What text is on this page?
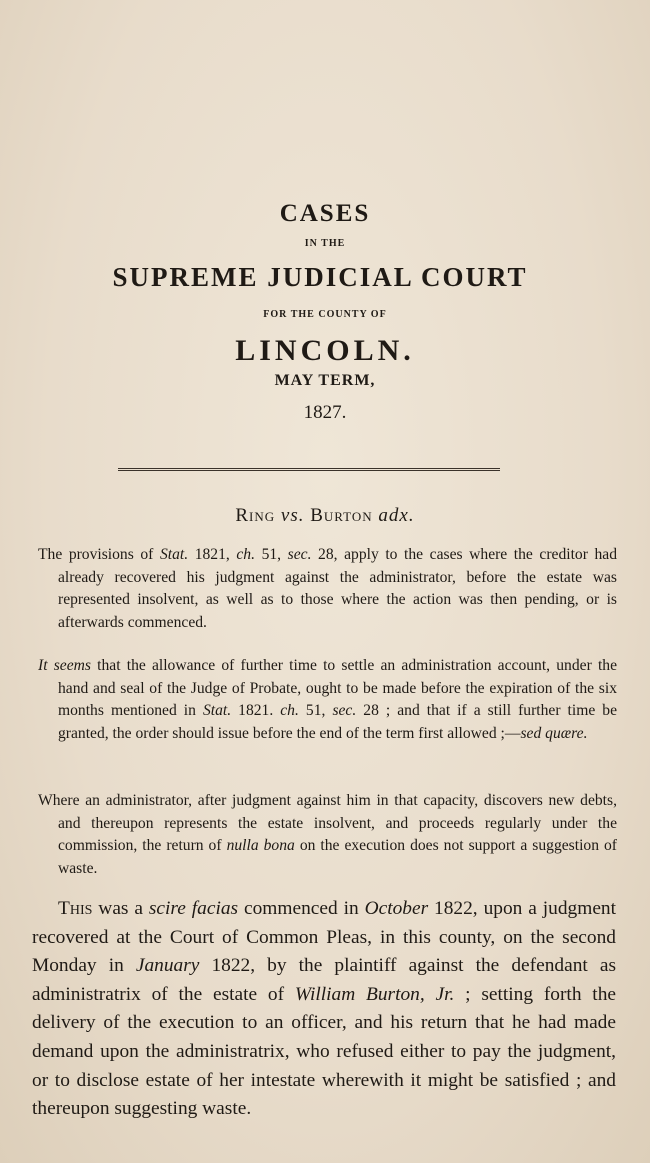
CASES
IN THE
SUPREME JUDICIAL COURT
FOR THE COUNTY OF
LINCOLN.
MAY TERM,
1827.
Ring vs. Burton adx.

The provisions of Stat. 1821, ch. 51, sec. 28, apply to the cases where the creditor had already recovered his judgment against the administrator, before the estate was represented insolvent, as well as to those where the action was then pending, or is afterwards commenced.

It seems that the allowance of further time to settle an administration account, under the hand and seal of the Judge of Probate, ought to be made before the expiration of the six months mentioned in Stat. 1821. ch. 51, sec. 28 ; and that if a still further time be granted, the order should issue before the end of the term first allowed ;—sed quære.

Where an administrator, after judgment against him in that capacity, discovers new debts, and thereupon represents the estate insolvent, and proceeds regularly under the commission, the return of nulla bona on the execution does not support a suggestion of waste.

This was a scire facias commenced in October 1822, upon a judgment recovered at the Court of Common Pleas, in this county, on the second Monday in January 1822, by the plaintiff against the defendant as administratrix of the estate of William Burton, Jr. ; setting forth the delivery of the execution to an officer, and his return that he had made demand upon the administratrix, who refused either to pay the judgment, or to disclose estate of her intestate wherewith it might be satisfied ; and thereupon suggesting waste.
